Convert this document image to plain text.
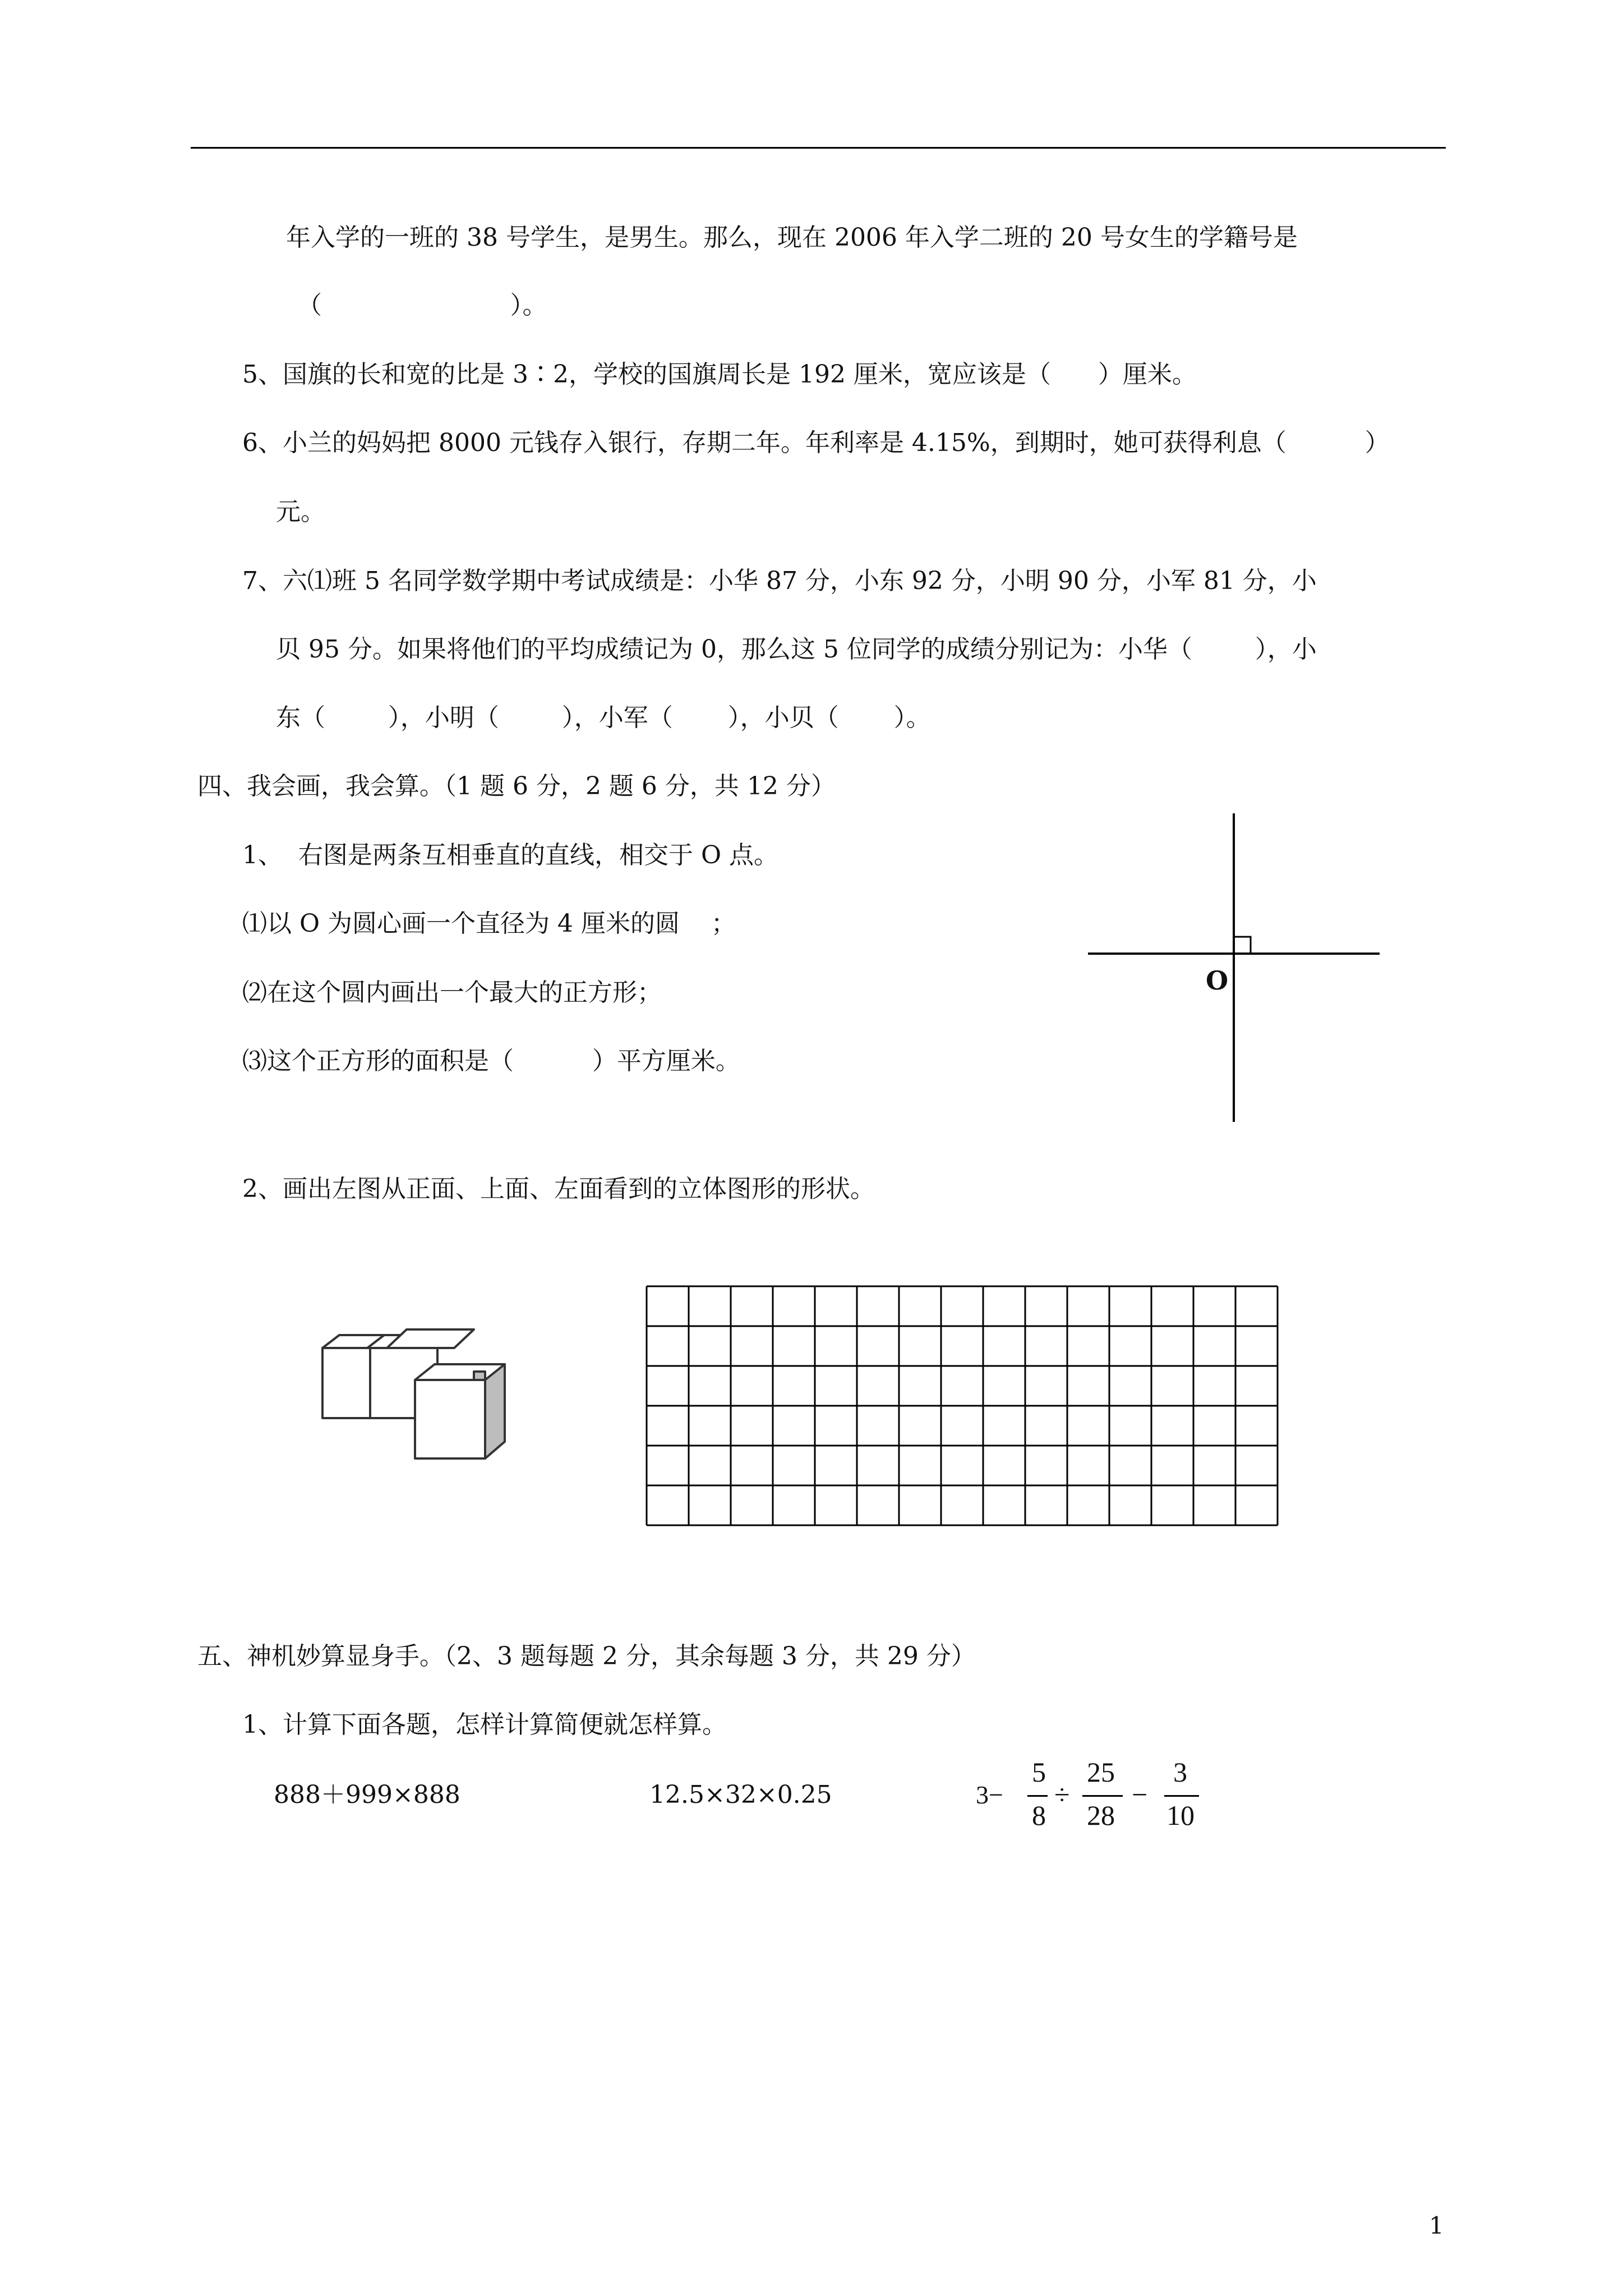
年入学的一班的 38 号学生，是男生。那么，现在 2006 年入学二班的 20 号女生的学籍号是
（                        ）。
5、国旗的长和宽的比是 3∶2，学校的国旗周长是 192 厘米，宽应该是（      ）厘米。
6、小兰的妈妈把 8000 元钱存入银行，存期二年。年利率是 4.15%，到期时，她可获得利息（          ）
元。
7、六⑴班 5 名同学数学期中考试成绩是：小华 87 分，小东 92 分，小明 90 分，小军 81 分，小
贝 95 分。如果将他们的平均成绩记为 0，那么这 5 位同学的成绩分别记为：小华（        ），小
东（        ），小明（        ），小军（       ），小贝（       ）。
四、我会画，我会算。（1 题 6 分，2 题 6 分，共 12 分）
1、  右图是两条互相垂直的直线，相交于 O 点。
⑴以 O 为圆心画一个直径为 4 厘米的圆    ；
⑵在这个圆内画出一个最大的正方形；
⑶这个正方形的面积是（          ）平方厘米。
O
2、画出左图从正面、上面、左面看到的立体图形的形状。
五、神机妙算显身手。（2、3 题每题 2 分，其余每题 3 分，共 29 分）
1、计算下面各题，怎样计算简便就怎样算。
888＋999×888	12.5×32×0.25	3−
5
8
÷
25
28
−
3
10
1
